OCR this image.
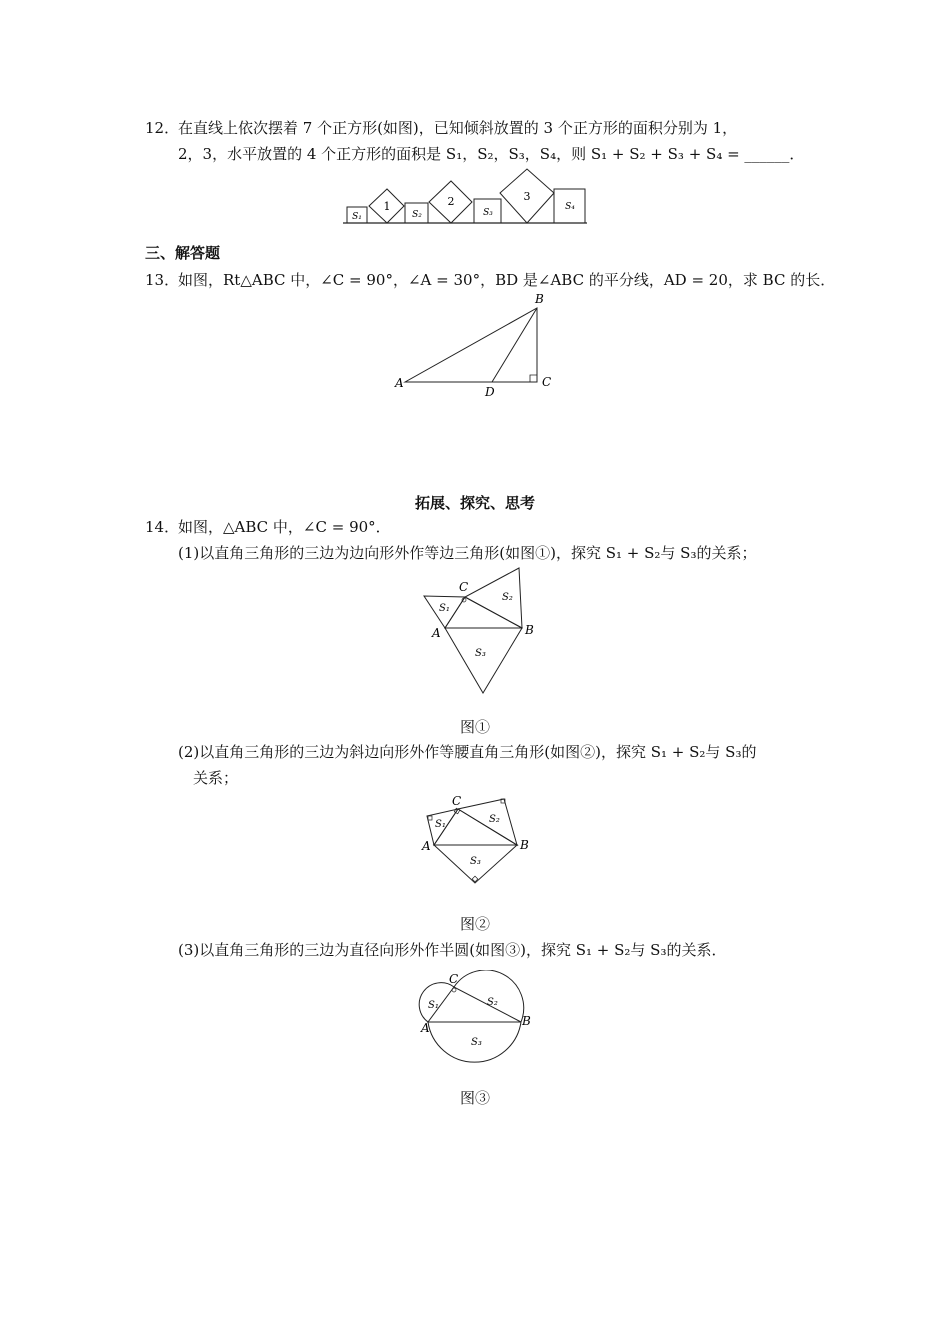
12．
在直线上依次摆着 7 个正方形(如图)，已知倾斜放置的 3 个正方形的面积分别为 1，
2，3，水平放置的 4 个正方形的面积是 S₁，S₂，S₃，S₄，则 S₁ + S₂ + S₃ + S₄ = ______．
1	2	3
S₁	S₂	S₃
S₄
三、解答题
13．
如图，Rt△ABC 中，∠C = 90°，∠A = 30°，BD 是∠ABC 的平分线，AD = 20，求 BC 的长．
A
B
C
D
拓展、探究、思考
14．
如图，△ABC 中，∠C = 90°．
(1)以直角三角形的三边为边向形外作等边三角形(如图①)，探究 S₁ + S₂与 S₃的关系；
C
A	B
S₁
S₂
S₃
图①
(2)以直角三角形的三边为斜边向形外作等腰直角三角形(如图②)，探究 S₁ + S₂与 S₃的
关系；
C
A	B
S₁	S₂
S₃
图②
(3)以直角三角形的三边为直径向形外作半圆(如图③)，探究 S₁ + S₂与 S₃的关系．
C
A	B
S₁	S₂
S₃
图③
